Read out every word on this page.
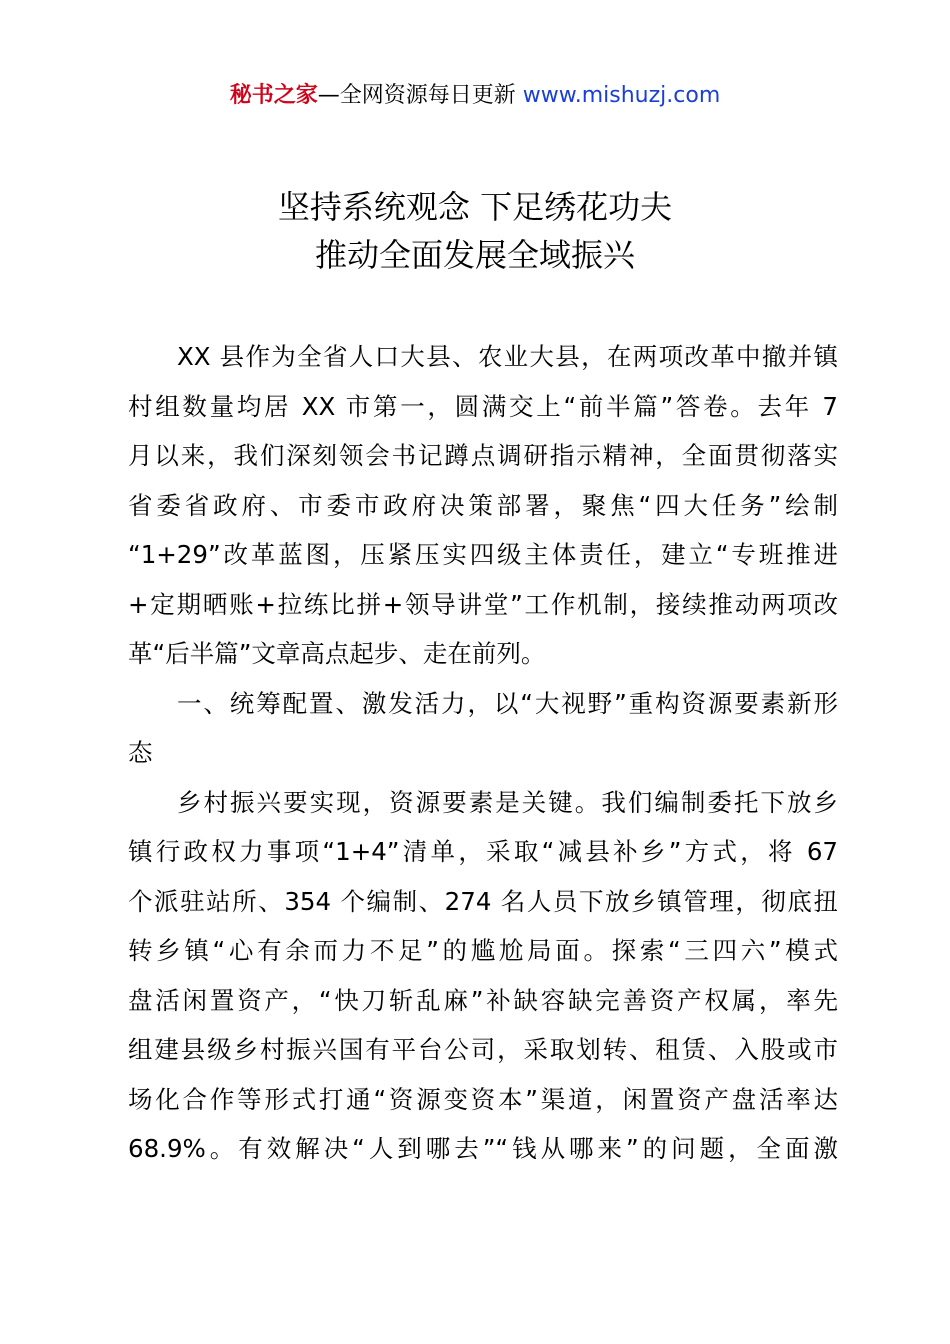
秘书之家—全网资源每日更新 www.mishuzj.com
坚持系统观念 下足绣花功夫
推动全面发展全域振兴
XX 县作为全省人口大县、农业大县，在两项改革中撤并镇
村组数量均居 XX 市第一，圆满交上“前半篇”答卷。去年 7
月以来，我们深刻领会书记蹲点调研指示精神，全面贯彻落实
省委省政府、市委市政府决策部署，聚焦“四大任务”绘制
“1+29”改革蓝图，压紧压实四级主体责任，建立“专班推进
+定期晒账+拉练比拼+领导讲堂”工作机制，接续推动两项改
革“后半篇”文章高点起步、走在前列。
一、统筹配置、激发活力，以“大视野”重构资源要素新形
态
乡村振兴要实现，资源要素是关键。我们编制委托下放乡
镇行政权力事项“1+4”清单，采取“减县补乡”方式，将 67
个派驻站所、354 个编制、274 名人员下放乡镇管理，彻底扭
转乡镇“心有余而力不足”的尴尬局面。探索“三四六”模式
盘活闲置资产，“快刀斩乱麻”补缺容缺完善资产权属，率先
组建县级乡村振兴国有平台公司，采取划转、租赁、入股或市
场化合作等形式打通“资源变资本”渠道，闲置资产盘活率达
68.9%。有效解决“人到哪去”“钱从哪来”的问题，全面激
